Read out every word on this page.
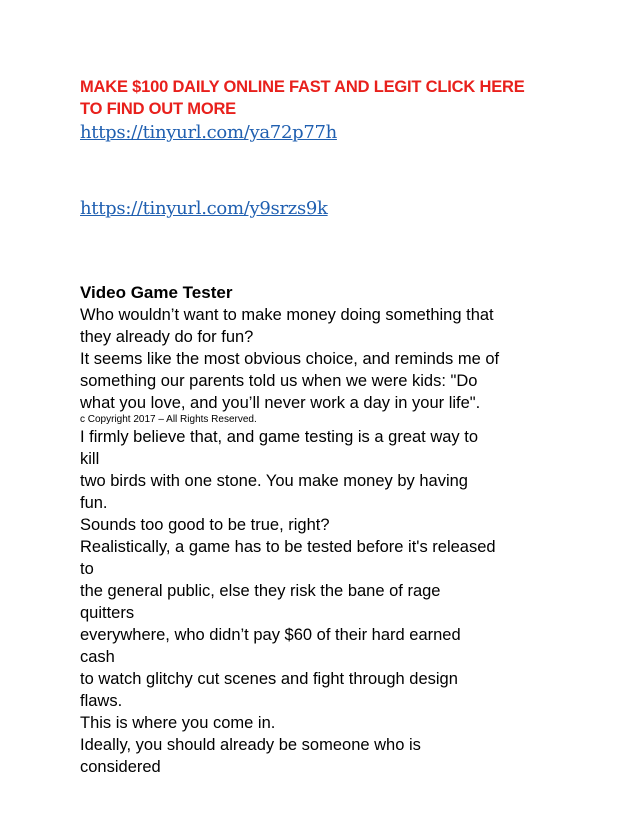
MAKE $100 DAILY ONLINE FAST AND LEGIT CLICK HERE
TO FIND OUT MORE
https://tinyurl.com/ya72p77h
https://tinyurl.com/y9srzs9k
Video Game Tester
Who wouldn’t want to make money doing something that
they already do for fun?
It seems like the most obvious choice, and reminds me of
something our parents told us when we were kids: "Do
what you love, and you’ll never work a day in your life".
c Copyright 2017 – All Rights Reserved.
I firmly believe that, and game testing is a great way to
kill
two birds with one stone. You make money by having
fun.
Sounds too good to be true, right?
Realistically, a game has to be tested before it's released
to
the general public, else they risk the bane of rage
quitters
everywhere, who didn’t pay $60 of their hard earned
cash
to watch glitchy cut scenes and fight through design
flaws.
This is where you come in.
Ideally, you should already be someone who is
considered
